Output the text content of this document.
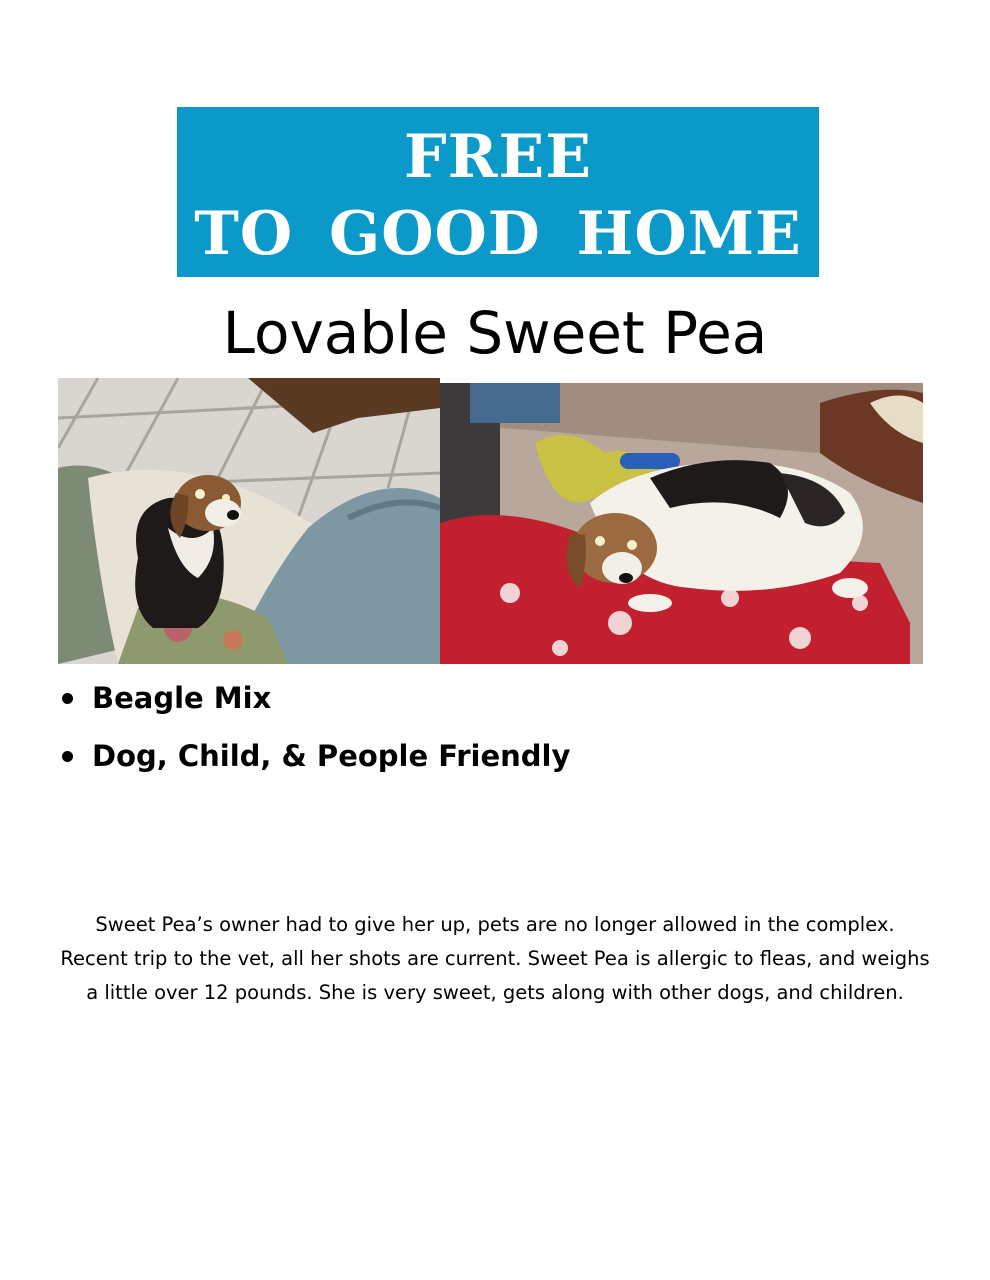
FREE
TO GOOD HOME
Lovable Sweet Pea
Beagle Mix
Dog, Child, & People Friendly
Sweet Pea’s owner had to give her up, pets are no longer allowed in the complex. Recent trip to the vet, all her shots are current. Sweet Pea is allergic to fleas, and weighs a little over 12 pounds. She is very sweet, gets along with other dogs, and children.
